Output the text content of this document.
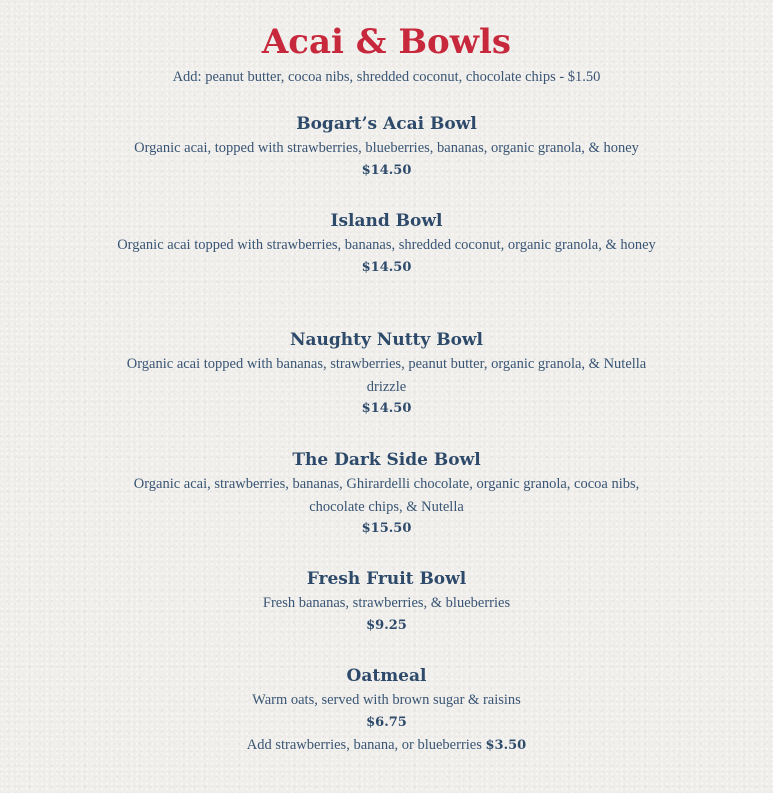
Acai & Bowls
Add: peanut butter, cocoa nibs, shredded coconut, chocolate chips - $1.50
Bogart’s Acai Bowl

Organic acai, topped with strawberries, blueberries, bananas, organic granola, & honey

$14.50

Island Bowl

Organic acai topped with strawberries, bananas, shredded coconut, organic granola, & honey

$14.50

Naughty Nutty Bowl

Organic acai topped with bananas, strawberries, peanut butter, organic granola, & Nutella drizzle

$14.50

The Dark Side Bowl

Organic acai, strawberries, bananas, Ghirardelli chocolate, organic granola, cocoa nibs, chocolate chips, & Nutella

$15.50

Fresh Fruit Bowl

Fresh bananas, strawberries, & blueberries

$9.25

Oatmeal

Warm oats, served with brown sugar & raisins

$6.75

Add strawberries, banana, or blueberries $3.50
